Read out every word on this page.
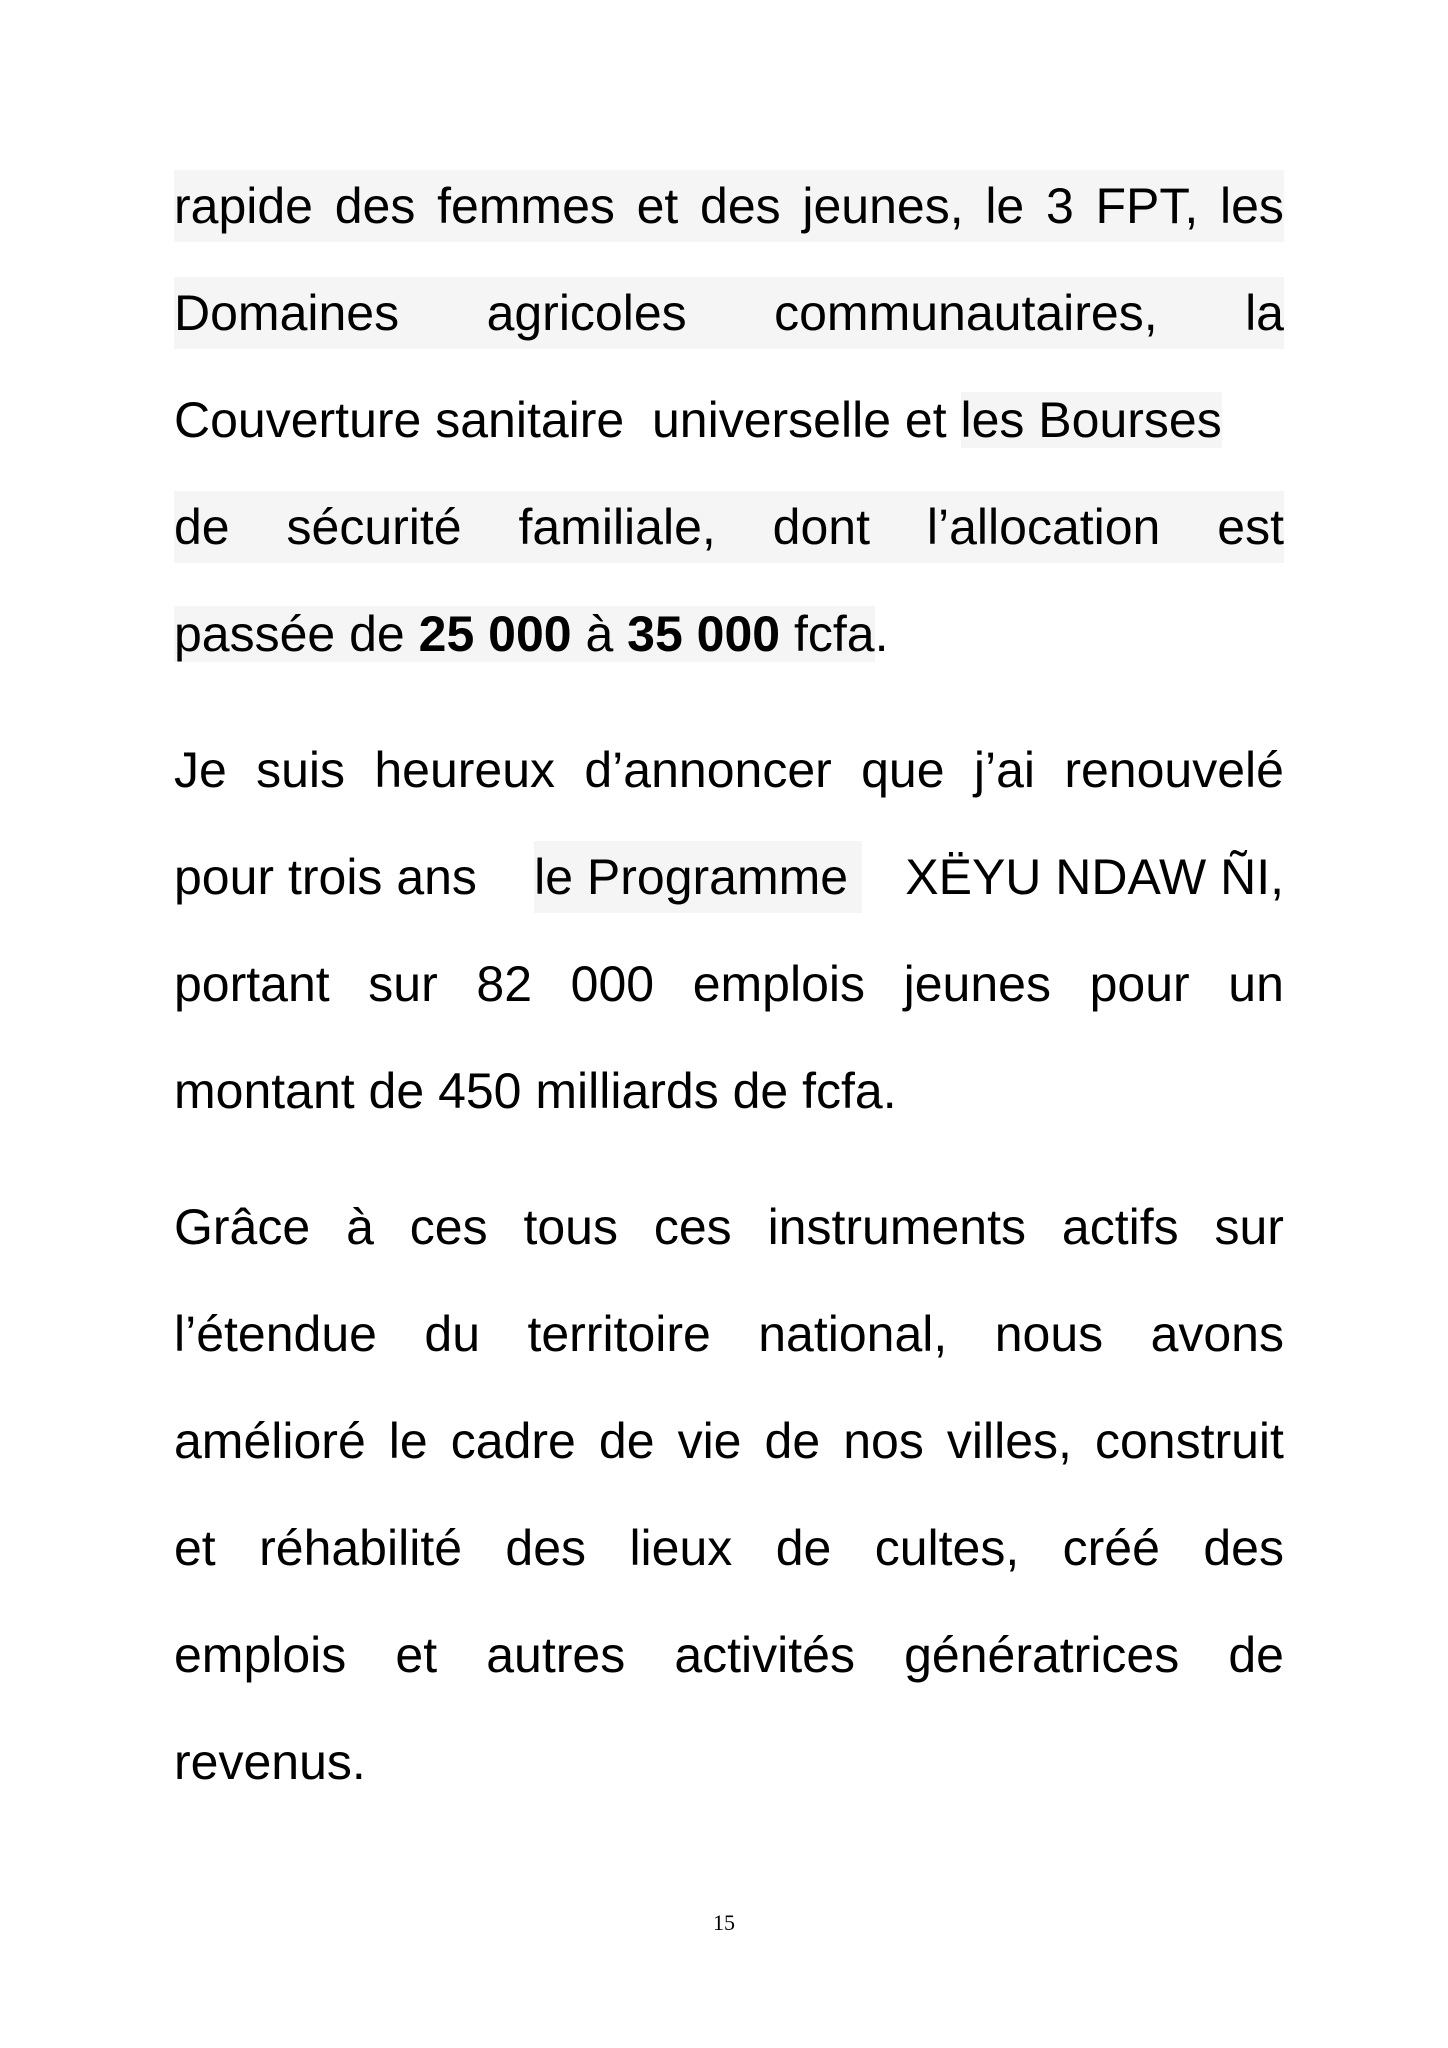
rapide des femmes et des jeunes, le 3 FPT, les
Domaines agricoles communautaires, la
Couverture sanitaire  universelle et les Bourses
de sécurité familiale, dont l’allocation est
passée de 25 000 à 35 000 fcfa.
Je suis heureux d’annoncer que j’ai renouvelé
pour trois ans le Programme XËYU NDAW ÑI,
portant sur 82 000 emplois jeunes pour un
montant de 450 milliards de fcfa.
Grâce à ces tous ces instruments actifs sur
l’étendue du territoire national, nous avons
amélioré le cadre de vie de nos villes, construit
et réhabilité des lieux de cultes, créé des
emplois et autres activités génératrices de
revenus.
15
